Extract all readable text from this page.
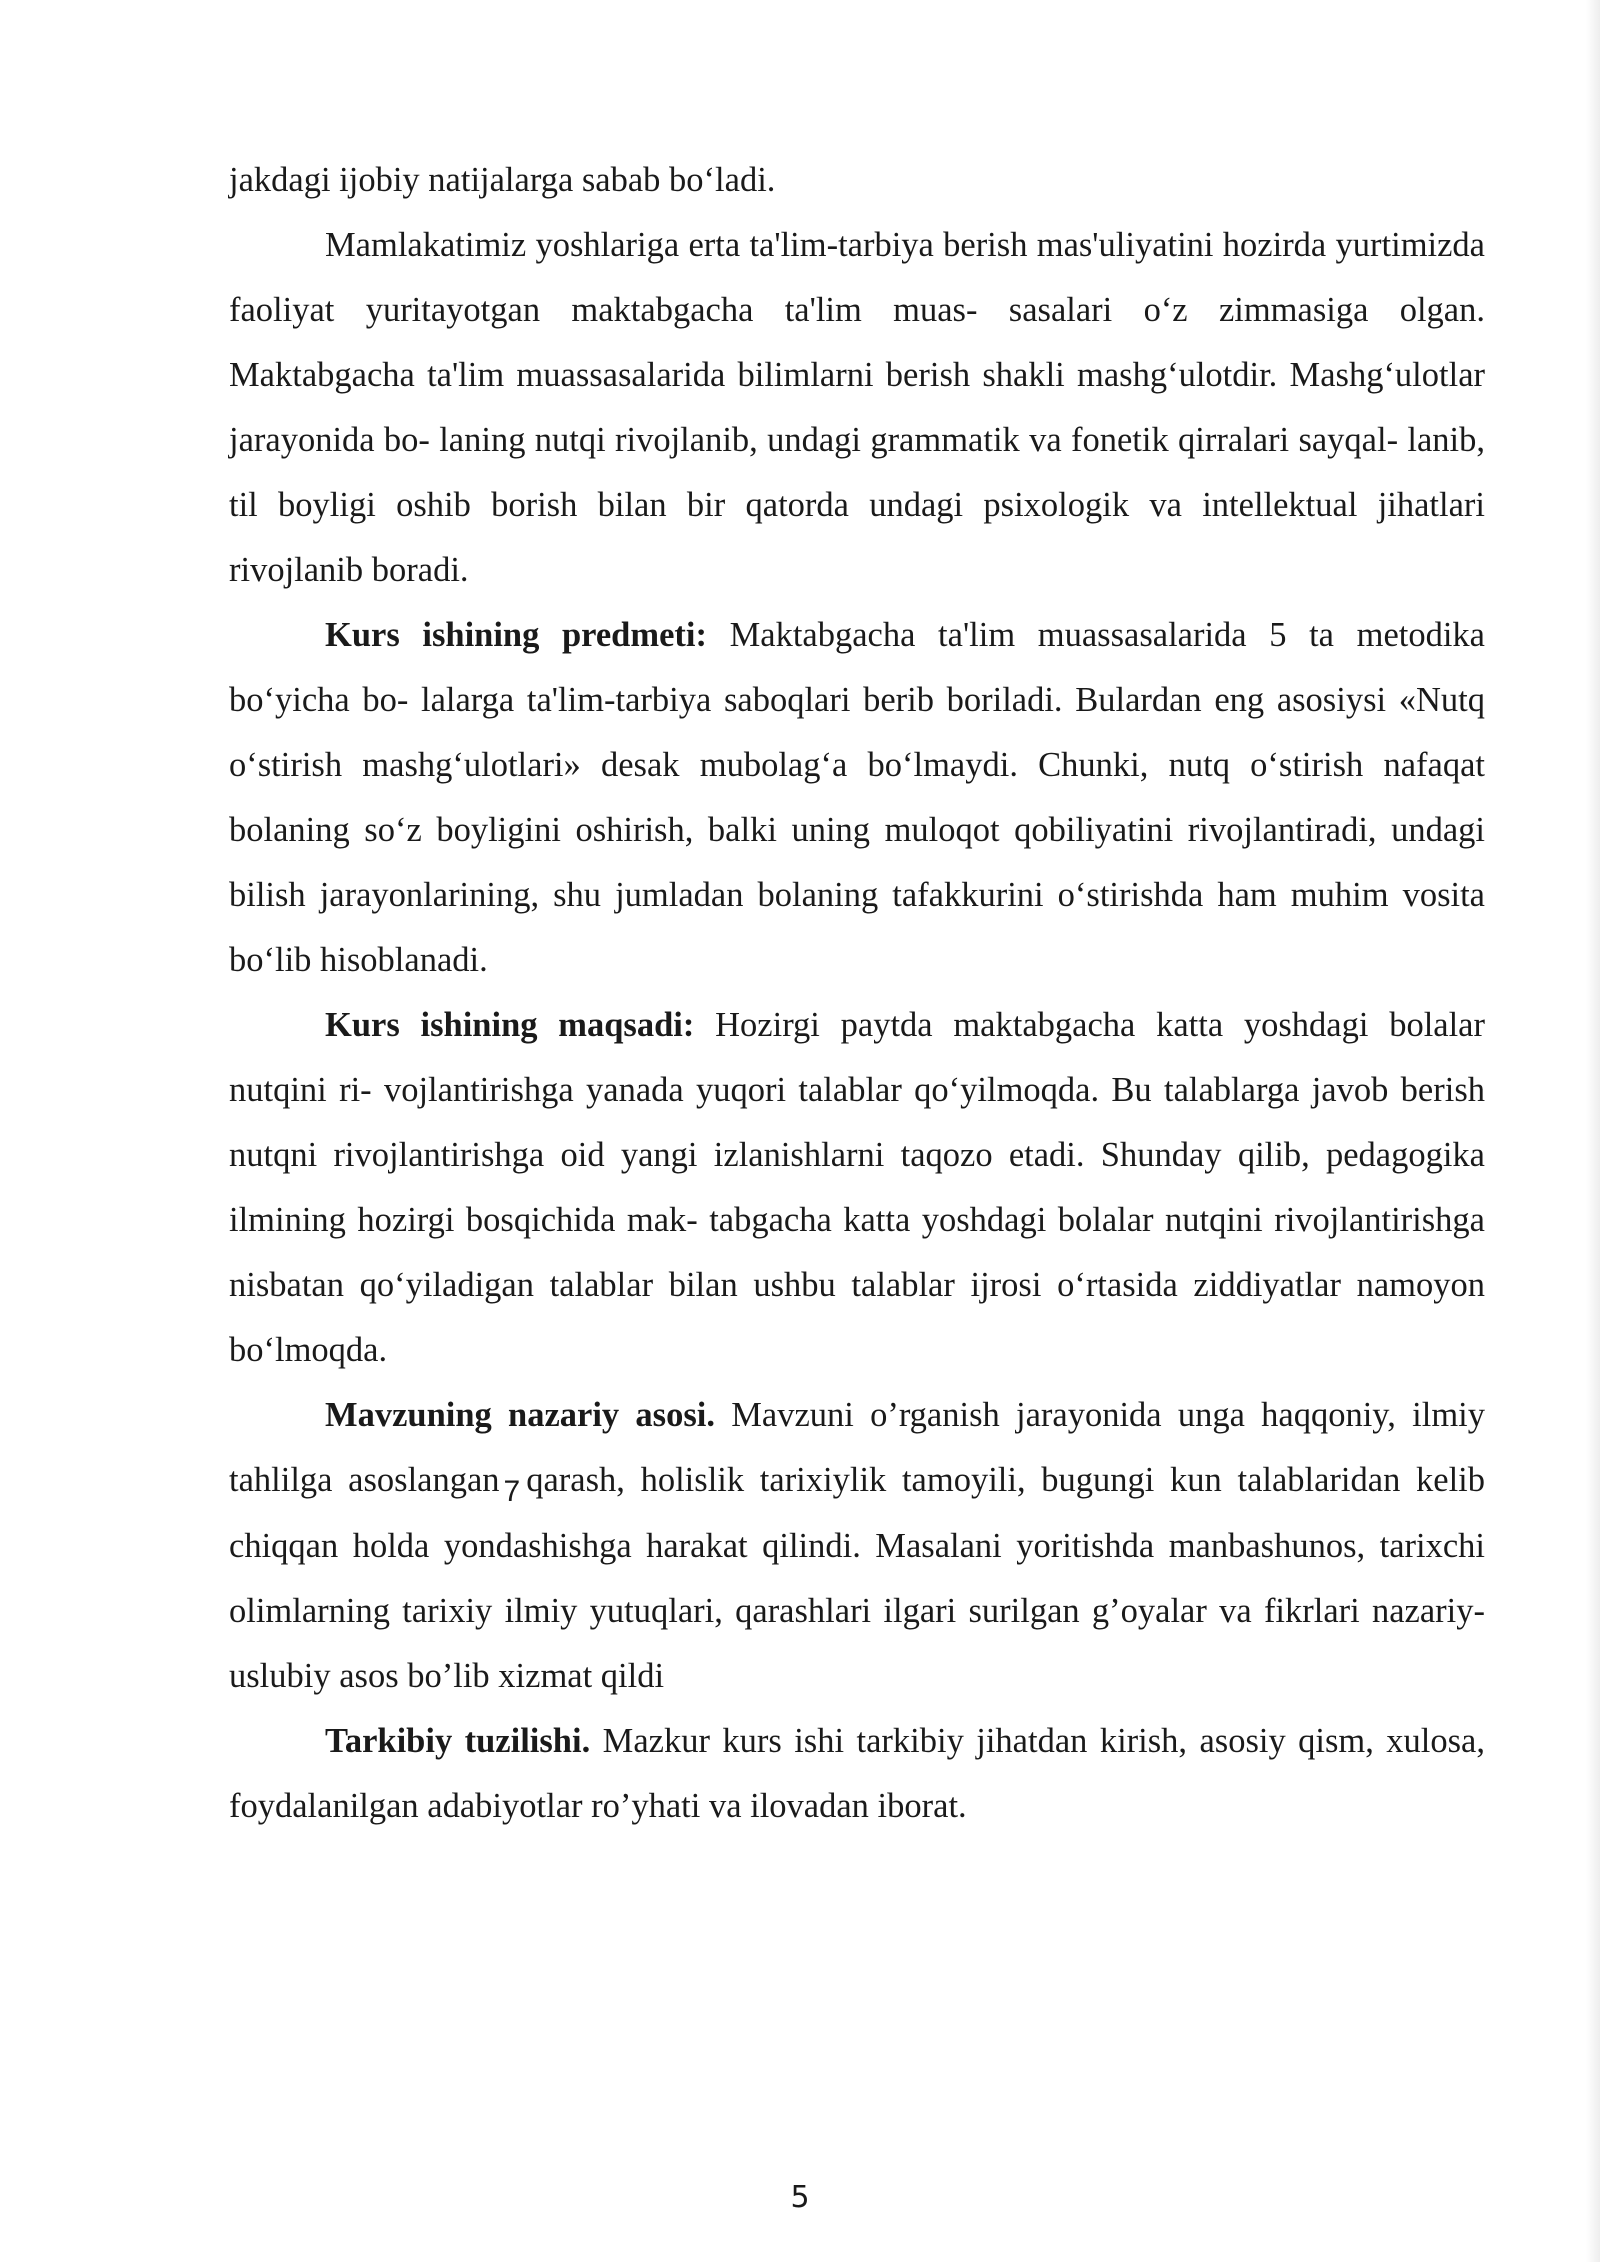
jakdagi ijobiy natijalarga sabab bo‘ladi.

Mamlakatimiz yoshlariga erta ta'lim-tarbiya berish mas'uliyatini hozirda yurtimizda faoliyat yuritayotgan maktabgacha ta'lim muas- sasalari o‘z zimmasiga olgan. Maktabgacha ta'lim muassasalarida bilimlarni berish shakli mashg‘ulotdir. Mashg‘ulotlar jarayonida bo- laning nutqi rivojlanib, undagi grammatik va fonetik qirralari sayqal- lanib, til boyligi oshib borish bilan bir qatorda undagi psixologik va intellektual jihatlari rivojlanib boradi.

Kurs ishining predmeti: Maktabgacha ta'lim muassasalarida 5 ta metodika bo‘yicha bo- lalarga ta'lim-tarbiya saboqlari berib boriladi. Bulardan eng asosiysi «Nutq o‘stirish mashg‘ulotlari» desak mubolag‘a bo‘lmaydi. Chunki, nutq o‘stirish nafaqat bolaning so‘z boyligini oshirish, balki uning muloqot qobiliyatini rivojlantiradi, undagi bilish jarayonlarining, shu jumladan bolaning tafakkurini o‘stirishda ham muhim vosita bo‘lib hisoblanadi.

Kurs ishining maqsadi: Hozirgi paytda maktabgacha katta yoshdagi bolalar nutqini ri- vojlantirishga yanada yuqori talablar qo‘yilmoqda. Bu talablarga javob berish nutqni rivojlantirishga oid yangi izlanishlarni taqozo etadi. Shunday qilib, pedagogika ilmining hozirgi bosqichida mak- tabgacha katta yoshdagi bolalar nutqini rivojlantirishga nisbatan qo‘yiladigan talablar bilan ushbu talablar ijrosi o‘rtasida ziddiyatlar namoyon bo‘lmoqda.

Mavzuning nazariy asosi. Mavzuni o’rganish jarayonida unga haqqoniy, ilmiy tahlilga asoslangan 7 qarash, holislik tarixiylik tamoyili, bugungi kun talablaridan kelib chiqqan holda yondashishga harakat qilindi. Masalani yoritishda manbashunos, tarixchi olimlarning tarixiy ilmiy yutuqlari, qarashlari ilgari surilgan g’oyalar va fikrlari nazariy-uslubiy asos bo’lib xizmat qildi

Tarkibiy tuzilishi. Mazkur kurs ishi tarkibiy jihatdan kirish, asosiy qism, xulosa, foydalanilgan adabiyotlar ro’yhati va ilovadan iborat.

5
